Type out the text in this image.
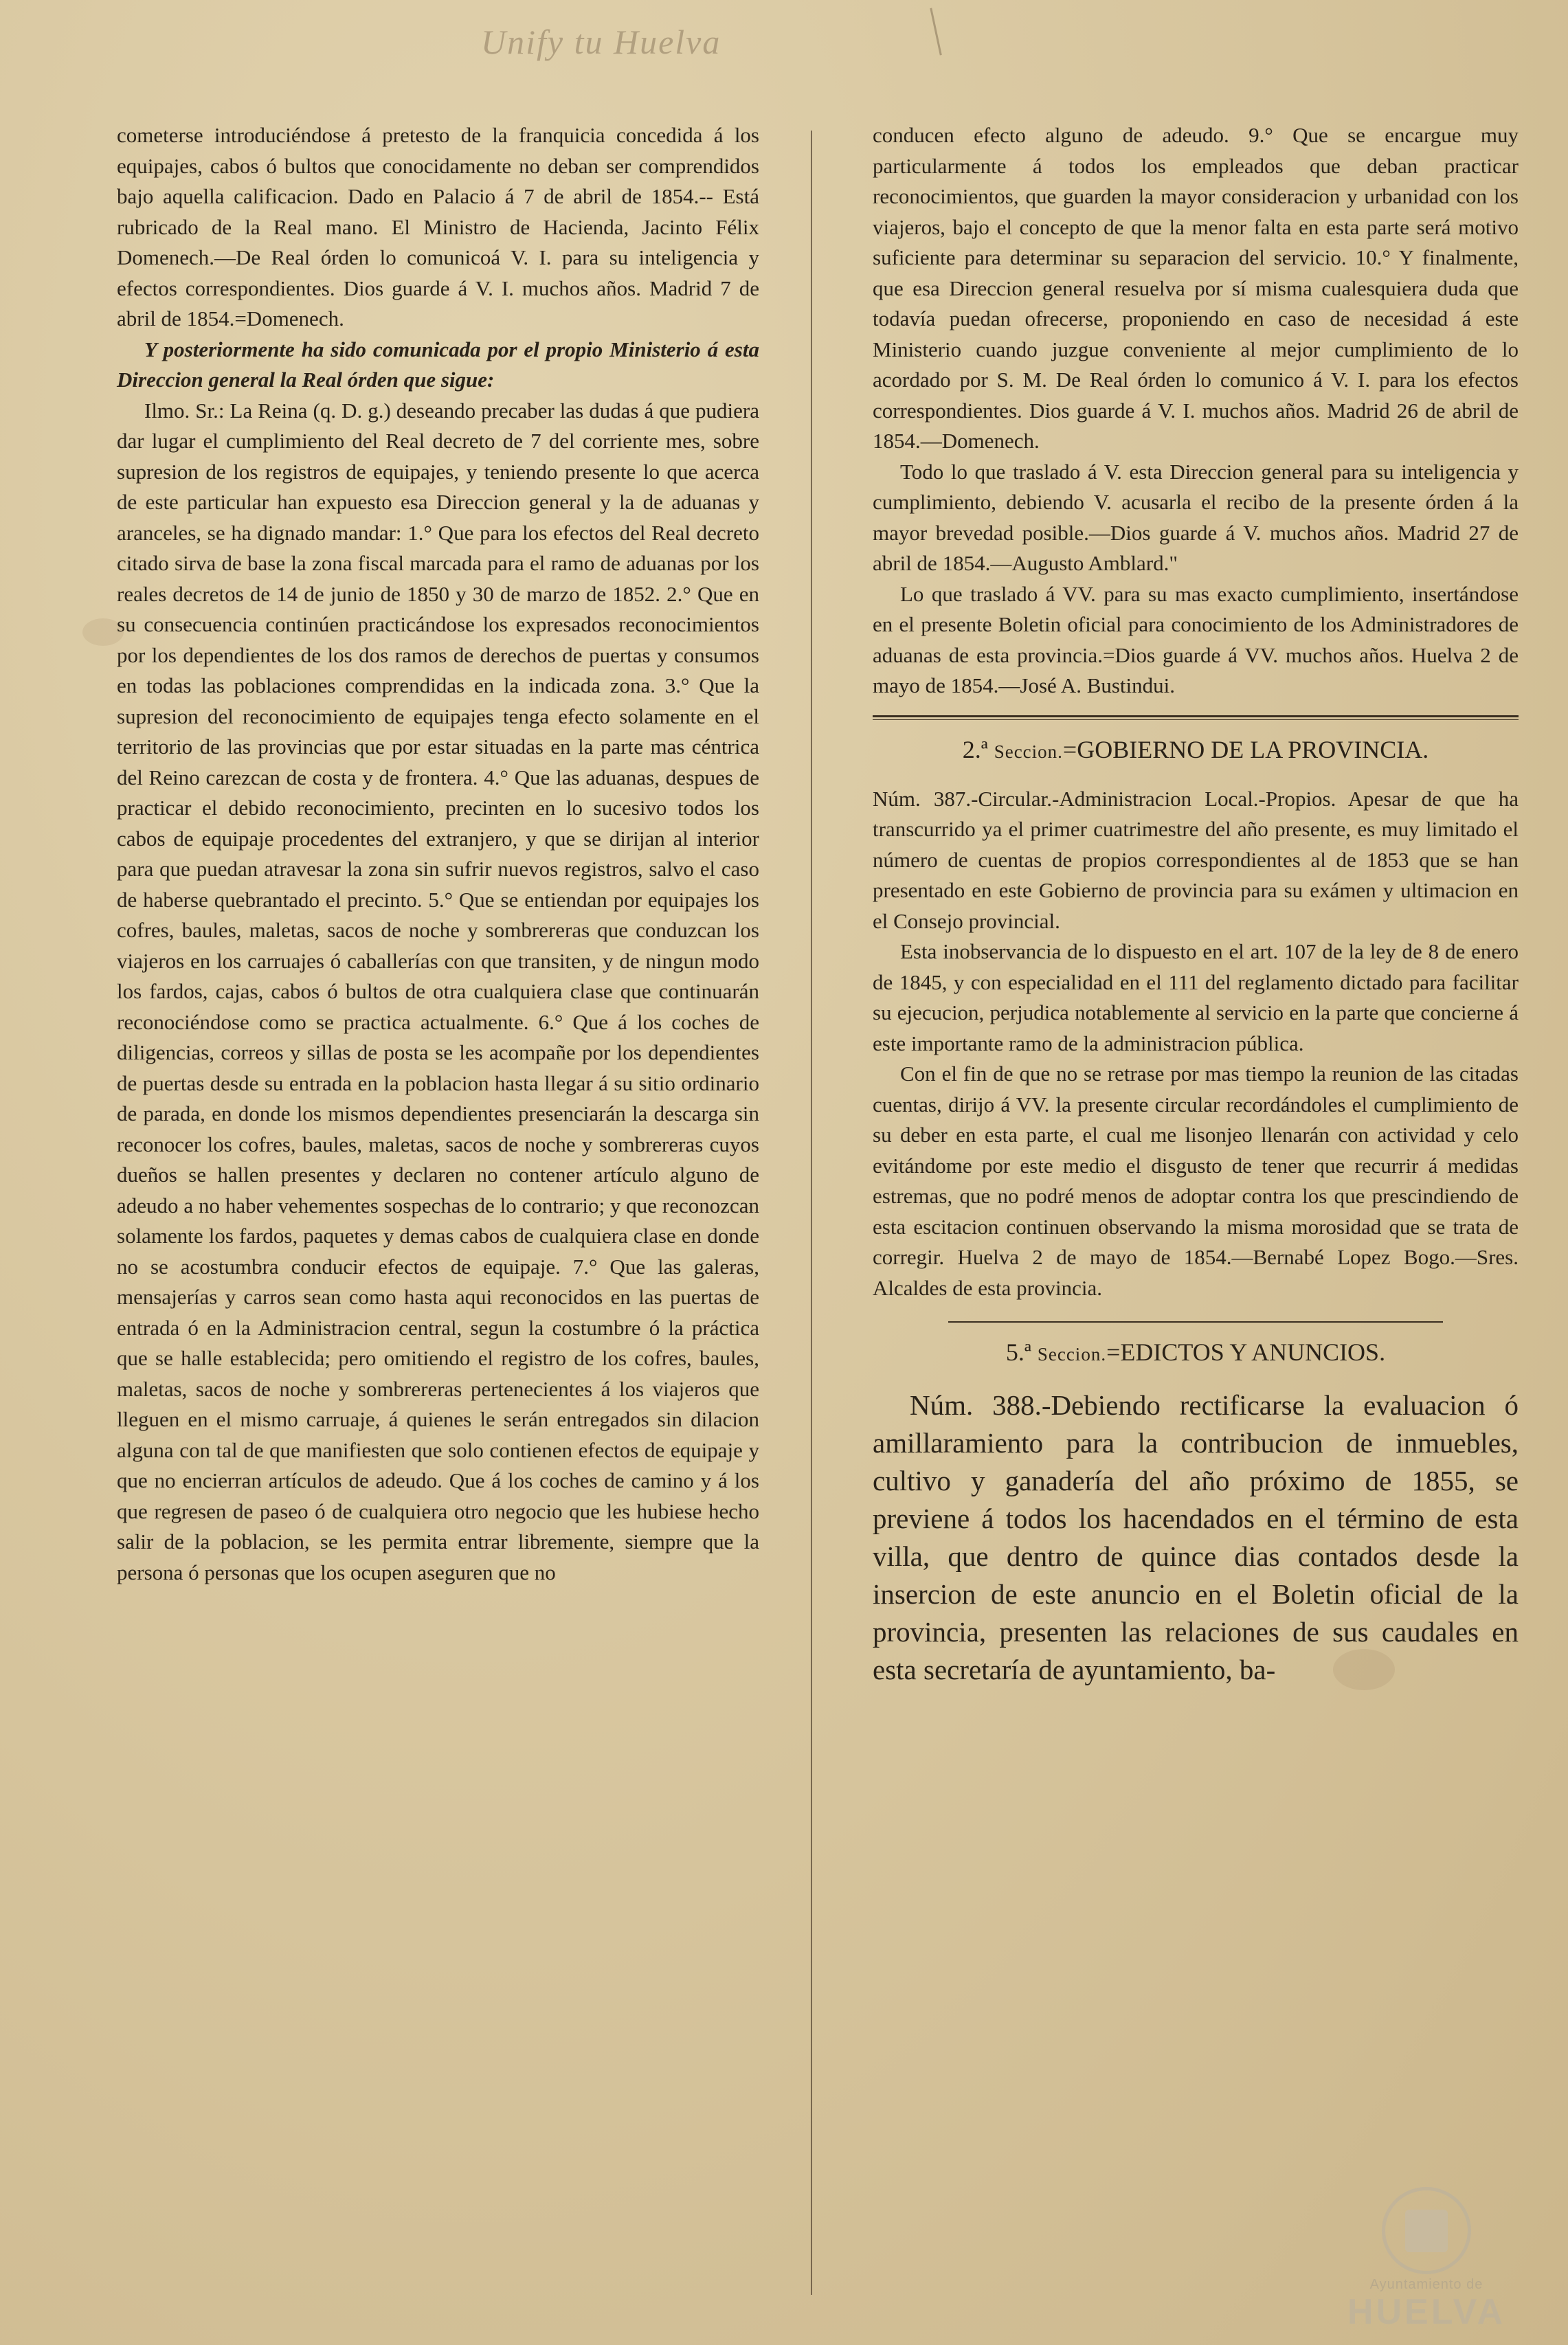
Unify tu Huelva

cometerse introduciéndose á pretesto de la franquicia concedida á los equipajes, cabos ó bultos que conocidamente no deban ser comprendidos bajo aquella calificacion. Dado en Palacio á 7 de abril de 1854.-- Está rubricado de la Real mano. El Ministro de Hacienda, Jacinto Félix Domenech.—De Real órden lo comunicoá V. I. para su inteligencia y efectos correspondientes. Dios guarde á V. I. muchos años. Madrid 7 de abril de 1854.=Domenech.

Y posteriormente ha sido comunicada por el propio Ministerio á esta Direccion general la Real órden que sigue:

Ilmo. Sr.: La Reina (q. D. g.) deseando precaber las dudas á que pudiera dar lugar el cumplimiento del Real decreto de 7 del corriente mes, sobre supresion de los registros de equipajes, y teniendo presente lo que acerca de este particular han expuesto esa Direccion general y la de aduanas y aranceles, se ha dignado mandar: 1.° Que para los efectos del Real decreto citado sirva de base la zona fiscal marcada para el ramo de aduanas por los reales decretos de 14 de junio de 1850 y 30 de marzo de 1852. 2.° Que en su consecuencia continúen practicándose los expresados reconocimientos por los dependientes de los dos ramos de derechos de puertas y consumos en todas las poblaciones comprendidas en la indicada zona. 3.° Que la supresion del reconocimiento de equipajes tenga efecto solamente en el territorio de las provincias que por estar situadas en la parte mas céntrica del Reino carezcan de costa y de frontera. 4.° Que las aduanas, despues de practicar el debido reconocimiento, precinten en lo sucesivo todos los cabos de equipaje procedentes del extranjero, y que se dirijan al interior para que puedan atravesar la zona sin sufrir nuevos registros, salvo el caso de haberse quebrantado el precinto. 5.° Que se entiendan por equipajes los cofres, baules, maletas, sacos de noche y sombrereras que conduzcan los viajeros en los carruajes ó caballerías con que transiten, y de ningun modo los fardos, cajas, cabos ó bultos de otra cualquiera clase que continuarán reconociéndose como se practica actualmente. 6.° Que á los coches de diligencias, correos y sillas de posta se les acompañe por los dependientes de puertas desde su entrada en la poblacion hasta llegar á su sitio ordinario de parada, en donde los mismos dependientes presenciarán la descarga sin reconocer los cofres, baules, maletas, sacos de noche y sombrereras cuyos dueños se hallen presentes y declaren no contener artículo alguno de adeudo a no haber vehementes sospechas de lo contrario; y que reconozcan solamente los fardos, paquetes y demas cabos de cualquiera clase en donde no se acostumbra conducir efectos de equipaje. 7.° Que las galeras, mensajerías y carros sean como hasta aqui reconocidos en las puertas de entrada ó en la Administracion central, segun la costumbre ó la práctica que se halle establecida; pero omitiendo el registro de los cofres, baules, maletas, sacos de noche y sombrereras pertenecientes á los viajeros que lleguen en el mismo carruaje, á quienes le serán entregados sin dilacion alguna con tal de que manifiesten que solo contienen efectos de equipaje y que no encierran artículos de adeudo. Que á los coches de camino y á los que regresen de paseo ó de cualquiera otro negocio que les hubiese hecho salir de la poblacion, se les permita entrar libremente, siempre que la persona ó personas que los ocupen aseguren que no

conducen efecto alguno de adeudo. 9.° Que se encargue muy particularmente á todos los empleados que deban practicar reconocimientos, que guarden la mayor consideracion y urbanidad con los viajeros, bajo el concepto de que la menor falta en esta parte será motivo suficiente para determinar su separacion del servicio. 10.° Y finalmente, que esa Direccion general resuelva por sí misma cualesquiera duda que todavía puedan ofrecerse, proponiendo en caso de necesidad á este Ministerio cuando juzgue conveniente al mejor cumplimiento de lo acordado por S. M. De Real órden lo comunico á V. I. para los efectos correspondientes. Dios guarde á V. I. muchos años. Madrid 26 de abril de 1854.—Domenech.

Todo lo que traslado á V. esta Direccion general para su inteligencia y cumplimiento, debiendo V. acusarla el recibo de la presente órden á la mayor brevedad posible.—Dios guarde á V. muchos años. Madrid 27 de abril de 1854.—Augusto Amblard."

Lo que traslado á VV. para su mas exacto cumplimiento, insertándose en el presente Boletin oficial para conocimiento de los Administradores de aduanas de esta provincia.=Dios guarde á VV. muchos años. Huelva 2 de mayo de 1854.—José A. Bustindui.

2.ª Seccion.=GOBIERNO DE LA PROVINCIA.

Núm. 387.-Circular.-Administracion Local.-Propios. Apesar de que ha transcurrido ya el primer cuatrimestre del año presente, es muy limitado el número de cuentas de propios correspondientes al de 1853 que se han presentado en este Gobierno de provincia para su exámen y ultimacion en el Consejo provincial.

Esta inobservancia de lo dispuesto en el art. 107 de la ley de 8 de enero de 1845, y con especialidad en el 111 del reglamento dictado para facilitar su ejecucion, perjudica notablemente al servicio en la parte que concierne á este importante ramo de la administracion pública.

Con el fin de que no se retrase por mas tiempo la reunion de las citadas cuentas, dirijo á VV. la presente circular recordándoles el cumplimiento de su deber en esta parte, el cual me lisonjeo llenarán con actividad y celo evitándome por este medio el disgusto de tener que recurrir á medidas estremas, que no podré menos de adoptar contra los que prescindiendo de esta escitacion continuen observando la misma morosidad que se trata de corregir. Huelva 2 de mayo de 1854.—Bernabé Lopez Bogo.—Sres. Alcaldes de esta provincia.

5.ª Seccion.=EDICTOS Y ANUNCIOS.

Núm. 388.-Debiendo rectificarse la evaluacion ó amillaramiento para la contribucion de inmuebles, cultivo y ganadería del año próximo de 1855, se previene á todos los hacendados en el término de esta villa, que dentro de quince dias contados desde la insercion de este anuncio en el Boletin oficial de la provincia, presenten las relaciones de sus caudales en esta secretaría de ayuntamiento, ba-

Ayuntamiento de
HUELVA
